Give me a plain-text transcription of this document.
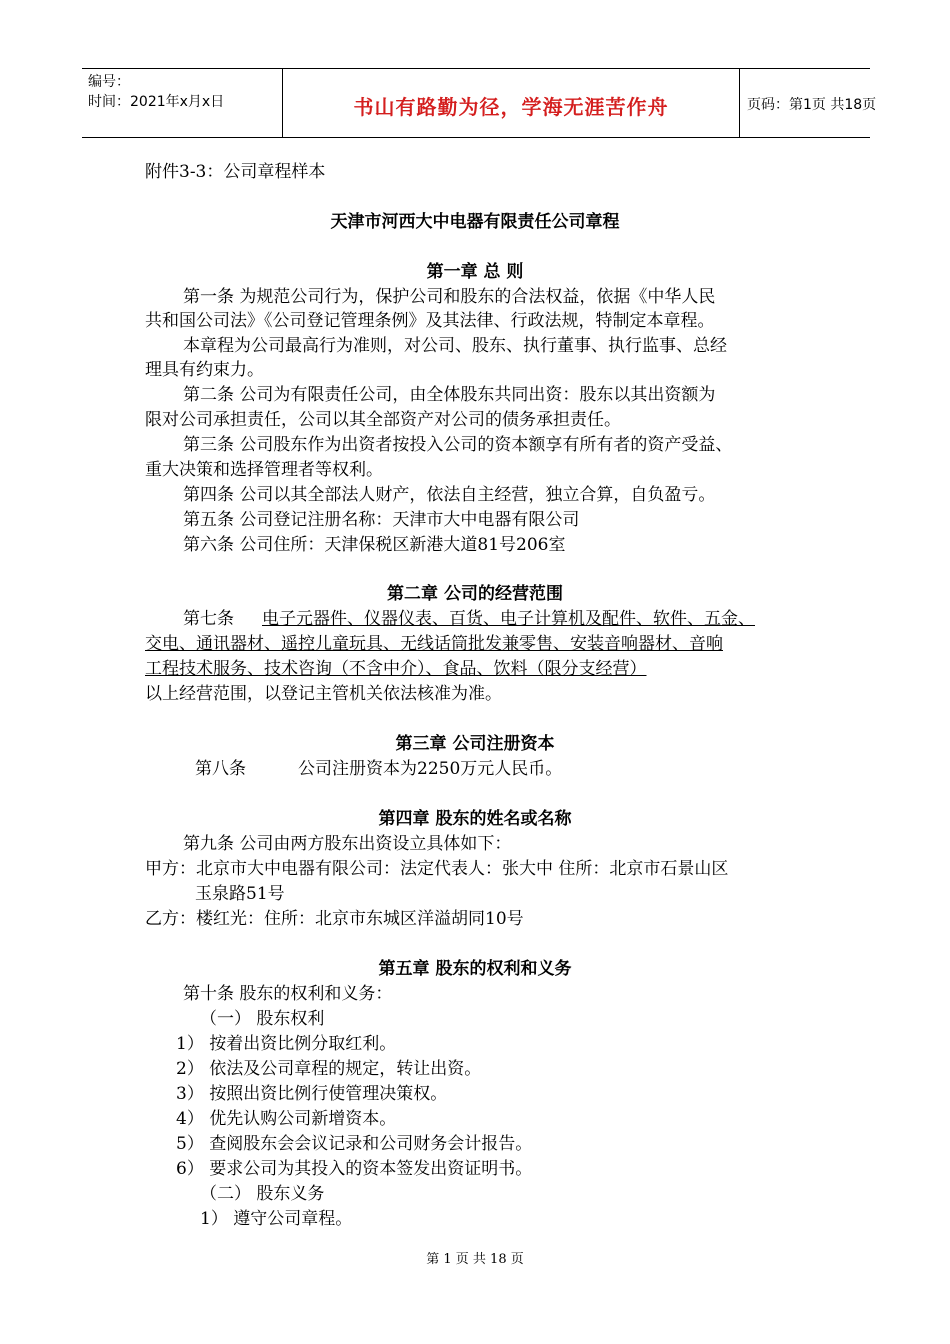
编号：
时间：2021年x月x日	书山有路勤为径，学海无涯苦作舟	页码：第1页 共18页
附件3-3：公司章程样本
天津市河西大中电器有限责任公司章程
第一章 总 则
第一条 为规范公司行为，保护公司和股东的合法权益，依据《中华人民
共和国公司法》《公司登记管理条例》及其法律、行政法规，特制定本章程。
本章程为公司最高行为准则，对公司、股东、执行董事、执行监事、总经
理具有约束力。
第二条 公司为有限责任公司，由全体股东共同出资：股东以其出资额为
限对公司承担责任，公司以其全部资产对公司的债务承担责任。
第三条 公司股东作为出资者按投入公司的资本额享有所有者的资产受益、
重大决策和选择管理者等权利。
第四条 公司以其全部法人财产，依法自主经营，独立合算，自负盈亏。
第五条 公司登记注册名称：天津市大中电器有限公司
第六条 公司住所：天津保税区新港大道81号206室
第二章 公司的经营范围
第七条 电子元器件、仪器仪表、百货、电子计算机及配件、软件、五金、
交电、通讯器材、遥控儿童玩具、无线话筒批发兼零售、安装音响器材、音响
工程技术服务、技术咨询（不含中介）、食品、饮料（限分支经营）
以上经营范围，以登记主管机关依法核准为准。
第三章 公司注册资本
第八条	公司注册资本为2250万元人民币。
第四章 股东的姓名或名称
第九条 公司由两方股东出资设立具体如下：
甲方：北京市大中电器有限公司：法定代表人：张大中 住所：北京市石景山区
玉泉路51号
乙方：楼红光：住所：北京市东城区洋溢胡同10号
第五章 股东的权利和义务
第十条 股东的权利和义务：
（一） 股东权利
1） 按着出资比例分取红利。
2） 依法及公司章程的规定，转让出资。
3） 按照出资比例行使管理决策权。
4） 优先认购公司新增资本。
5） 查阅股东会会议记录和公司财务会计报告。
6） 要求公司为其投入的资本签发出资证明书。
（二） 股东义务
1） 遵守公司章程。
第 1 页 共 18 页
